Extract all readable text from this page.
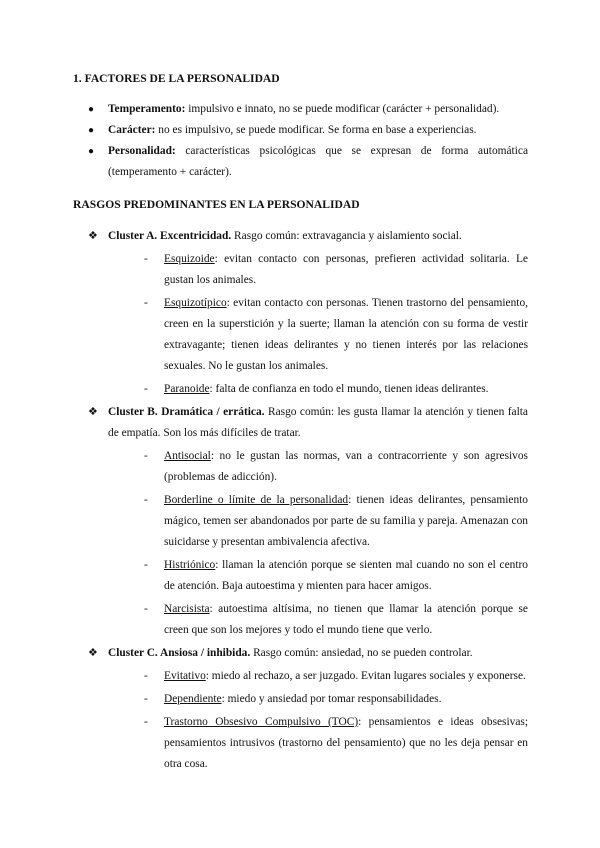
1. FACTORES DE LA PERSONALIDAD
● Temperamento: impulsivo e innato, no se puede modificar (carácter + personalidad).
● Carácter: no es impulsivo, se puede modificar. Se forma en base a experiencias.
● Personalidad: características psicológicas que se expresan de forma automática (temperamento + carácter).
RASGOS PREDOMINANTES EN LA PERSONALIDAD
❖ Cluster A. Excentricidad. Rasgo común: extravagancia y aislamiento social.
- Esquizoide: evitan contacto con personas, prefieren actividad solitaria. Le gustan los animales.
- Esquizotípico: evitan contacto con personas. Tienen trastorno del pensamiento, creen en la superstición y la suerte; llaman la atención con su forma de vestir extravagante; tienen ideas delirantes y no tienen interés por las relaciones sexuales. No le gustan los animales.
- Paranoide: falta de confianza en todo el mundo, tienen ideas delirantes.
❖ Cluster B. Dramática / errática. Rasgo común: les gusta llamar la atención y tienen falta de empatía. Son los más difíciles de tratar.
- Antisocial: no le gustan las normas, van a contracorriente y son agresivos (problemas de adicción).
- Borderline o límite de la personalidad: tienen ideas delirantes, pensamiento mágico, temen ser abandonados por parte de su familia y pareja. Amenazan con suicidarse y presentan ambivalencia afectiva.
- Histriónico: llaman la atención porque se sienten mal cuando no son el centro de atención. Baja autoestima y mienten para hacer amigos.
- Narcisista: autoestima altísima, no tienen que llamar la atención porque se creen que son los mejores y todo el mundo tiene que verlo.
❖ Cluster C. Ansiosa / inhibida. Rasgo común: ansiedad, no se pueden controlar.
- Evitativo: miedo al rechazo, a ser juzgado. Evitan lugares sociales y exponerse.
- Dependiente: miedo y ansiedad por tomar responsabilidades.
- Trastorno Obsesivo Compulsivo (TOC): pensamientos e ideas obsesivas; pensamientos intrusivos (trastorno del pensamiento) que no les deja pensar en otra cosa.
